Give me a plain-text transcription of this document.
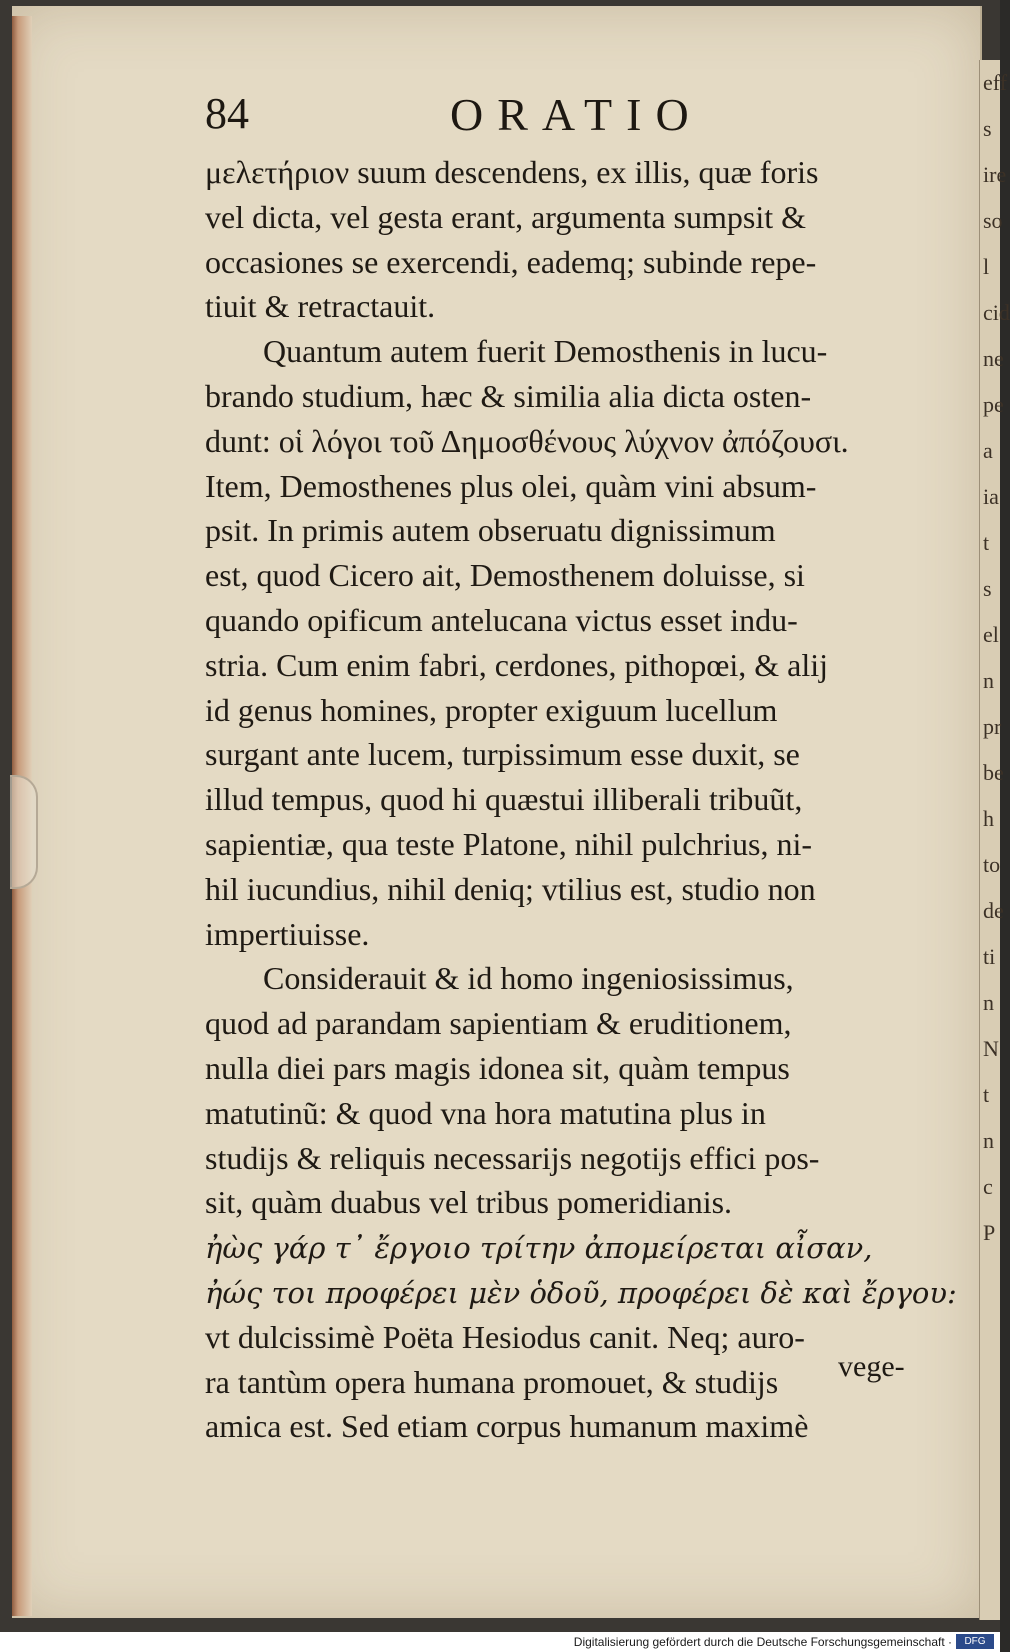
eff
s
ire
so
l
cid
ne
pe
a
ia
t
s
el
n
pr
be
h
to
de
ti
n
N
t
n
c
P
84	ORATIO
μελετήριον suum descendens, ex illis, quæ foris
vel dicta, vel gesta erant, argumenta sumpsit &
occasiones se exercendi, eademq; subinde repe-
tiuit & retractauit.
Quantum autem fuerit Demosthenis in lucu-
brando studium, hæc & similia alia dicta osten-
dunt: οἱ λόγοι τοῦ Δημοσθένους λύχνον ἀπόζουσι.
Item, Demosthenes plus olei, quàm vini absum-
psit. In primis autem obseruatu dignissimum
est, quod Cicero ait, Demosthenem doluisse, si
quando opificum antelucana victus esset indu-
stria. Cum enim fabri, cerdones, pithopœi, & alij
id genus homines, propter exiguum lucellum
surgant ante lucem, turpissimum esse duxit, se
illud tempus, quod hi quæstui illiberali tribuũt,
sapientiæ, qua teste Platone, nihil pulchrius, ni-
hil iucundius, nihil deniq; vtilius est, studio non
impertiuisse.
Considerauit & id homo ingeniosissimus,
quod ad parandam sapientiam & eruditionem,
nulla diei pars magis idonea sit, quàm tempus
matutinũ: & quod vna hora matutina plus in
studijs & reliquis necessarijs negotijs effici pos-
sit, quàm duabus vel tribus pomeridianis.
ἠὼς γάρ τ᾽ ἔργοιο τρίτην ἀπομείρεται αἶσαν,
ἠώς τοι προφέρει μὲν ὁδοῦ, προφέρει δὲ καὶ ἔργου:
vt dulcissimè Poëta Hesiodus canit. Neq; auro-
ra tantùm opera humana promouet, & studijs
amica est. Sed etiam corpus humanum maximè
vege-
Digitalisierung gefördert durch die Deutsche Forschungsgemeinschaft ·	DFG
